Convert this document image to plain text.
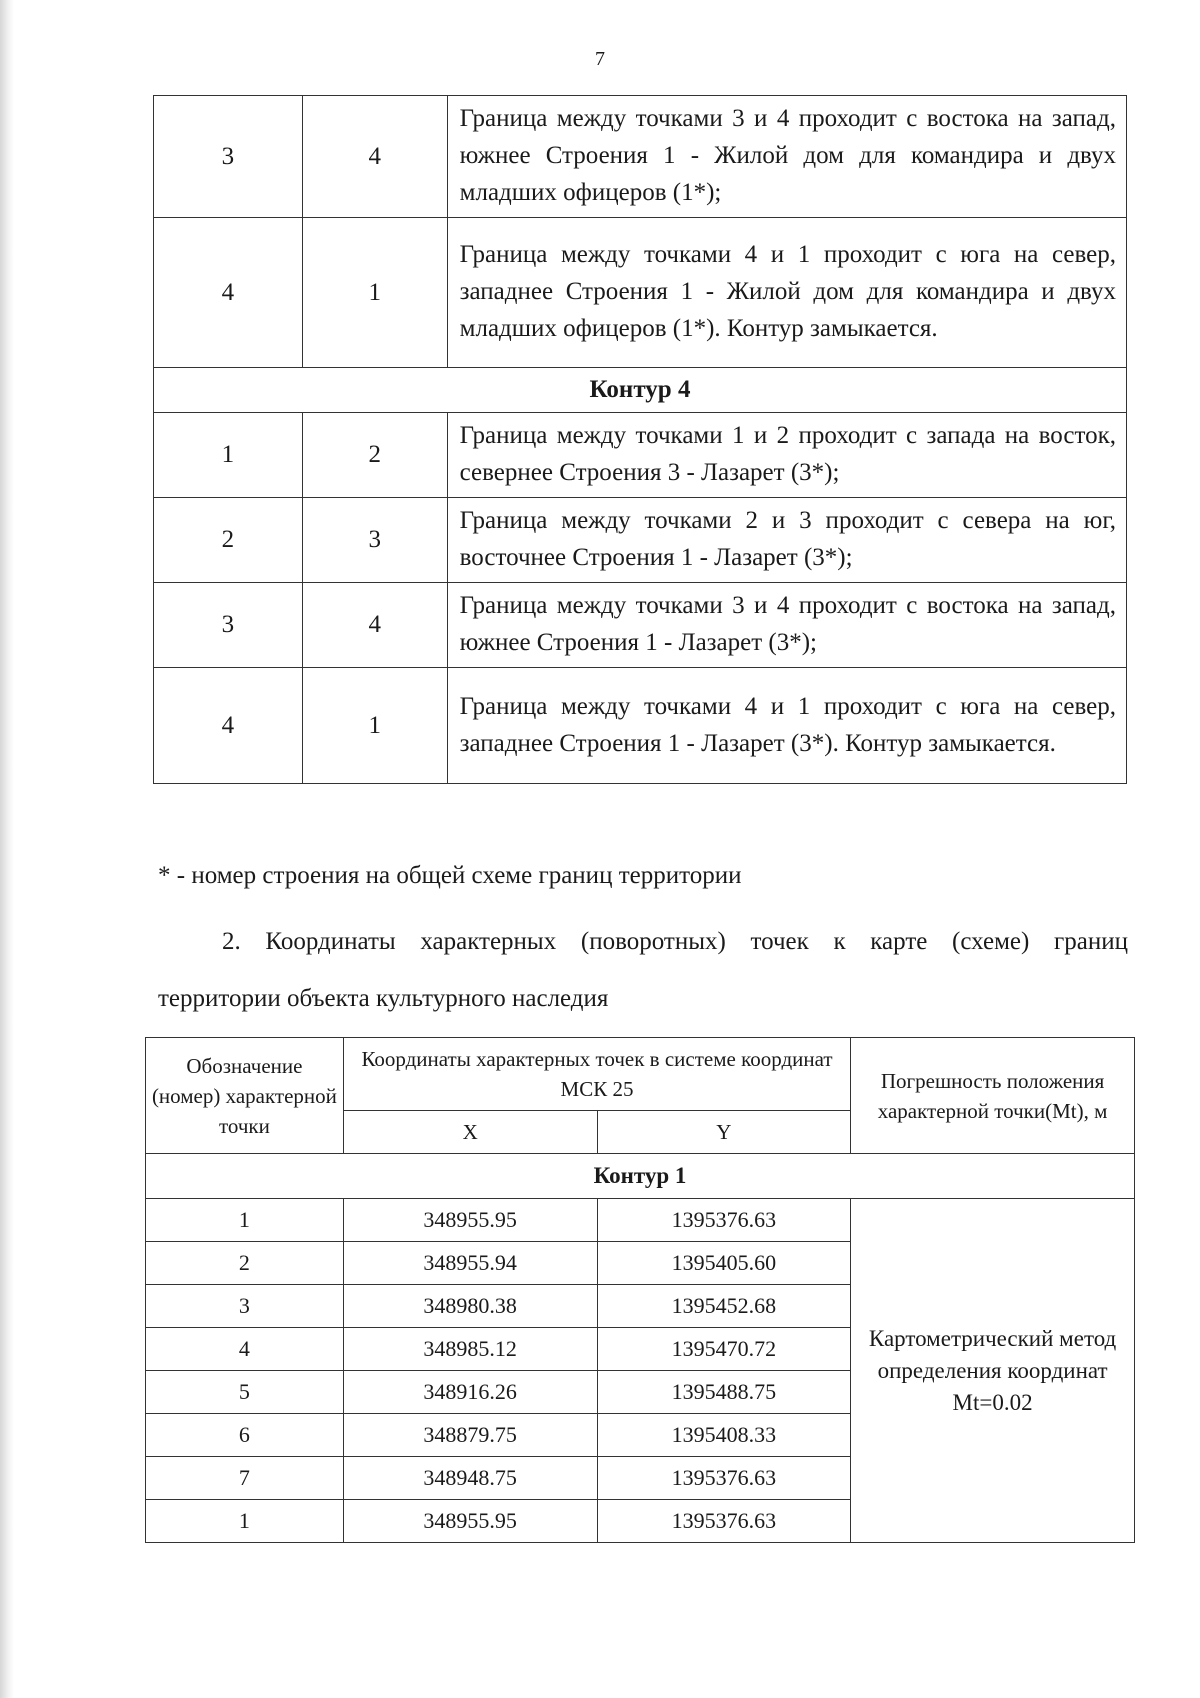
7
3	4	Граница между точками 3 и 4 проходит с востока на запад, южнее Строения 1 - Жилой дом для командира и двух младших офицеров (1*);
4	1	Граница между точками 4 и 1 проходит с юга на север, западнее Строения 1 - Жилой дом для командира и двух младших офицеров (1*). Контур замыкается.
Контур 4		
1	2	Граница между точками 1 и 2 проходит с запада на восток, севернее Строения 3 - Лазарет (3*);
2	3	Граница между точками 2 и 3 проходит с севера на юг, восточнее Строения 1 - Лазарет (3*);
3	4	Граница между точками 3 и 4 проходит с востока на запад, южнее Строения 1 - Лазарет (3*);
4	1	Граница между точками 4 и 1 проходит с юга на север, западнее Строения 1 - Лазарет (3*). Контур замыкается.
* - номер строения на общей схеме границ территории
2. Координаты характерных (поворотных) точек к карте (схеме) границ
территории объекта культурного наследия
Обозначение (номер) характерной точки	Координаты характерных точек в системе координат МСК 25		Погрешность положения характерной точки(Mt), м
	X	Y	
Контур 1			
1	348955.95	1395376.63	Картометрический метод определения координат Mt=0.02
2	348955.94	1395405.60	
3	348980.38	1395452.68	
4	348985.12	1395470.72	
5	348916.26	1395488.75	
6	348879.75	1395408.33	
7	348948.75	1395376.63	
1	348955.95	1395376.63	
